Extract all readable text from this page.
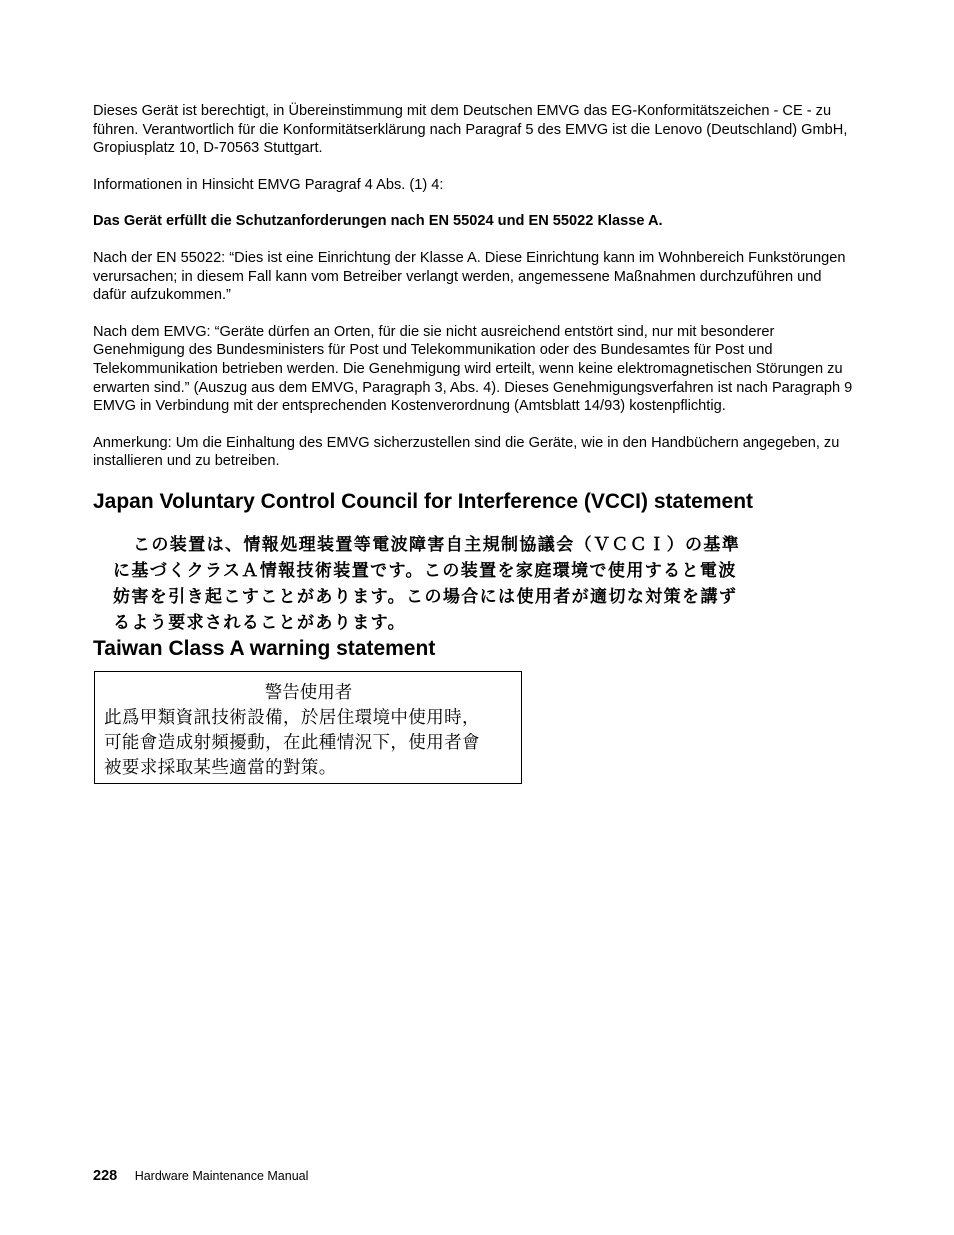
Dieses Gerät ist berechtigt, in Übereinstimmung mit dem Deutschen EMVG das EG-Konformitätszeichen - CE - zu führen. Verantwortlich für die Konformitätserklärung nach Paragraf 5 des EMVG ist die Lenovo (Deutschland) GmbH, Gropiusplatz 10, D-70563 Stuttgart.

Informationen in Hinsicht EMVG Paragraf 4 Abs. (1) 4:

Das Gerät erfüllt die Schutzanforderungen nach EN 55024 und EN 55022 Klasse A.

Nach der EN 55022: “Dies ist eine Einrichtung der Klasse A. Diese Einrichtung kann im Wohnbereich Funkstörungen verursachen; in diesem Fall kann vom Betreiber verlangt werden, angemessene Maßnahmen durchzuführen und dafür aufzukommen.”

Nach dem EMVG: “Geräte dürfen an Orten, für die sie nicht ausreichend entstört sind, nur mit besonderer Genehmigung des Bundesministers für Post und Telekommunikation oder des Bundesamtes für Post und Telekommunikation betrieben werden. Die Genehmigung wird erteilt, wenn keine elektromagnetischen Störungen zu erwarten sind.” (Auszug aus dem EMVG, Paragraph 3, Abs. 4). Dieses Genehmigungsverfahren ist nach Paragraph 9 EMVG in Verbindung mit der entsprechenden Kostenverordnung (Amtsblatt 14/93) kostenpflichtig.

Anmerkung: Um die Einhaltung des EMVG sicherzustellen sind die Geräte, wie in den Handbüchern angegeben, zu installieren und zu betreiben.

Japan Voluntary Control Council for Interference (VCCI) statement
この装置は、情報処理装置等電波障害自主規制協議会（ＶＣＣＩ）の基準
に基づくクラスＡ情報技術装置です。この装置を家庭環境で使用すると電波
妨害を引き起こすことがあります。この場合には使用者が適切な対策を講ず
るよう要求されることがあります。
Taiwan Class A warning statement
警告使用者
此爲甲類資訊技術設備，於居住環境中使用時，
可能會造成射頻擾動，在此種情況下，使用者會
被要求採取某些適當的對策。
228 Hardware Maintenance Manual
